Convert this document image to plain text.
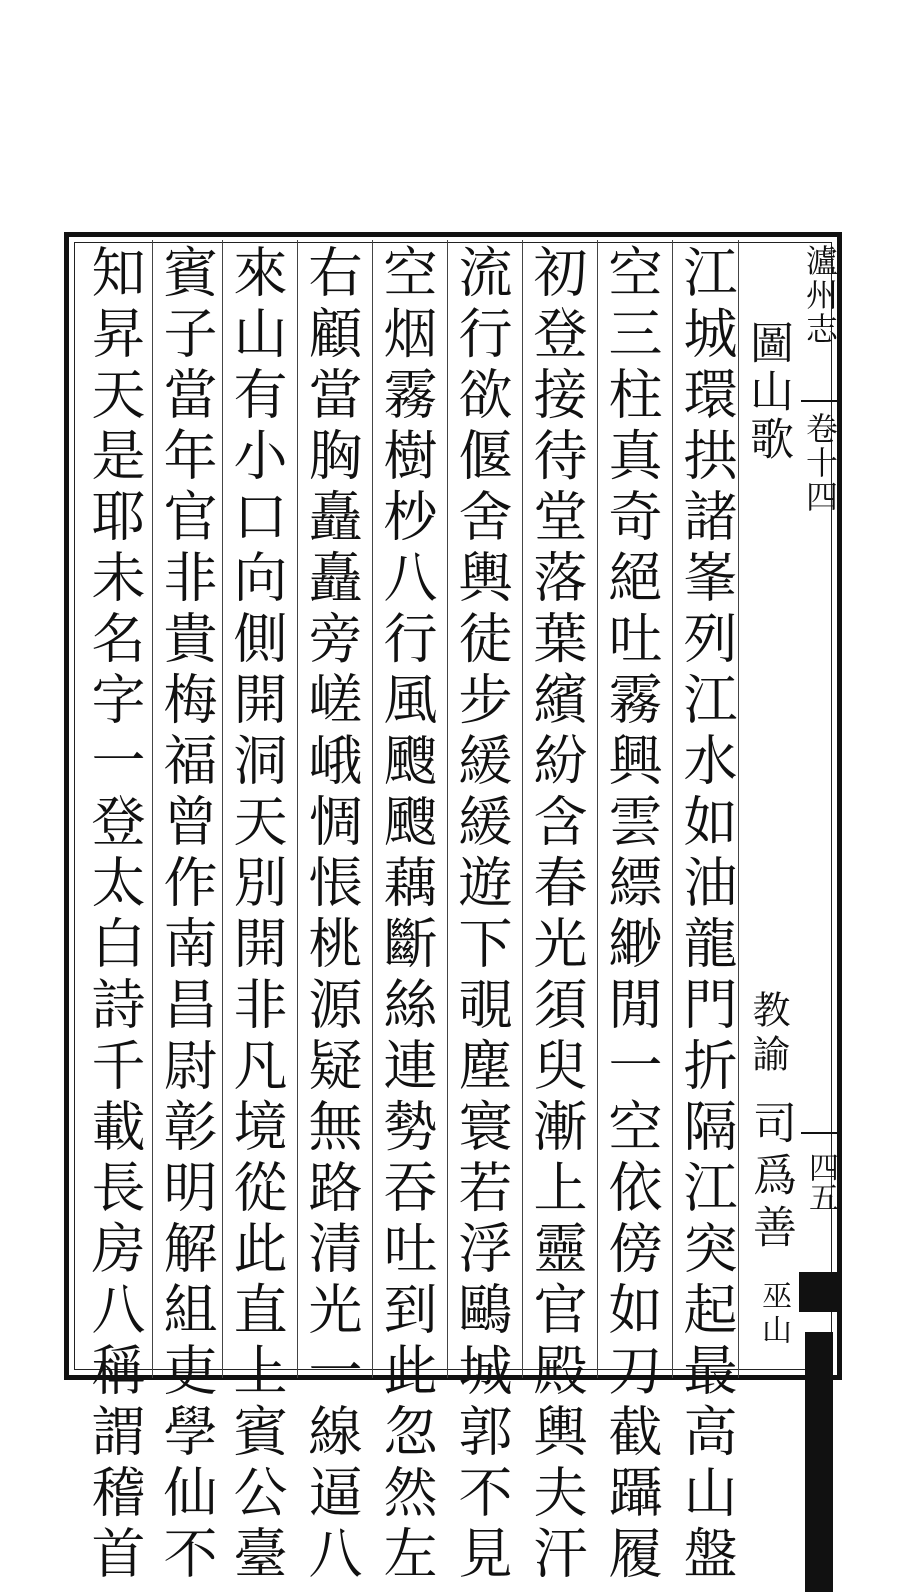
瀘州志
卷十四
四五
圖山歌
教諭
司爲善
巫山
江城環拱諸峯列江水如油龍門折隔江突起最高山盤
空三柱真奇絕吐霧興雲縹緲閒一空依傍如刀截躡履
初登接待堂落葉繽紛含春光須臾漸上靈官殿輿夫汗
流行欲偃舍輿徒步緩緩遊下覗塵寰若浮鷗城郭不見
空烟霧樹杪八行風颼颼藕斷絲連勢吞吐到此忽然左
右顧當胸矗矗旁嵯峨惆悵桃源疑無路清光一線逼八
來山有小口向側開洞天別開非凡境從此直上賓公臺
賓子當年官非貴梅福曾作南昌尉彰明解組吏學仙不
知昇天是耶未名字一登太白詩千載長房八稱謂稽首
